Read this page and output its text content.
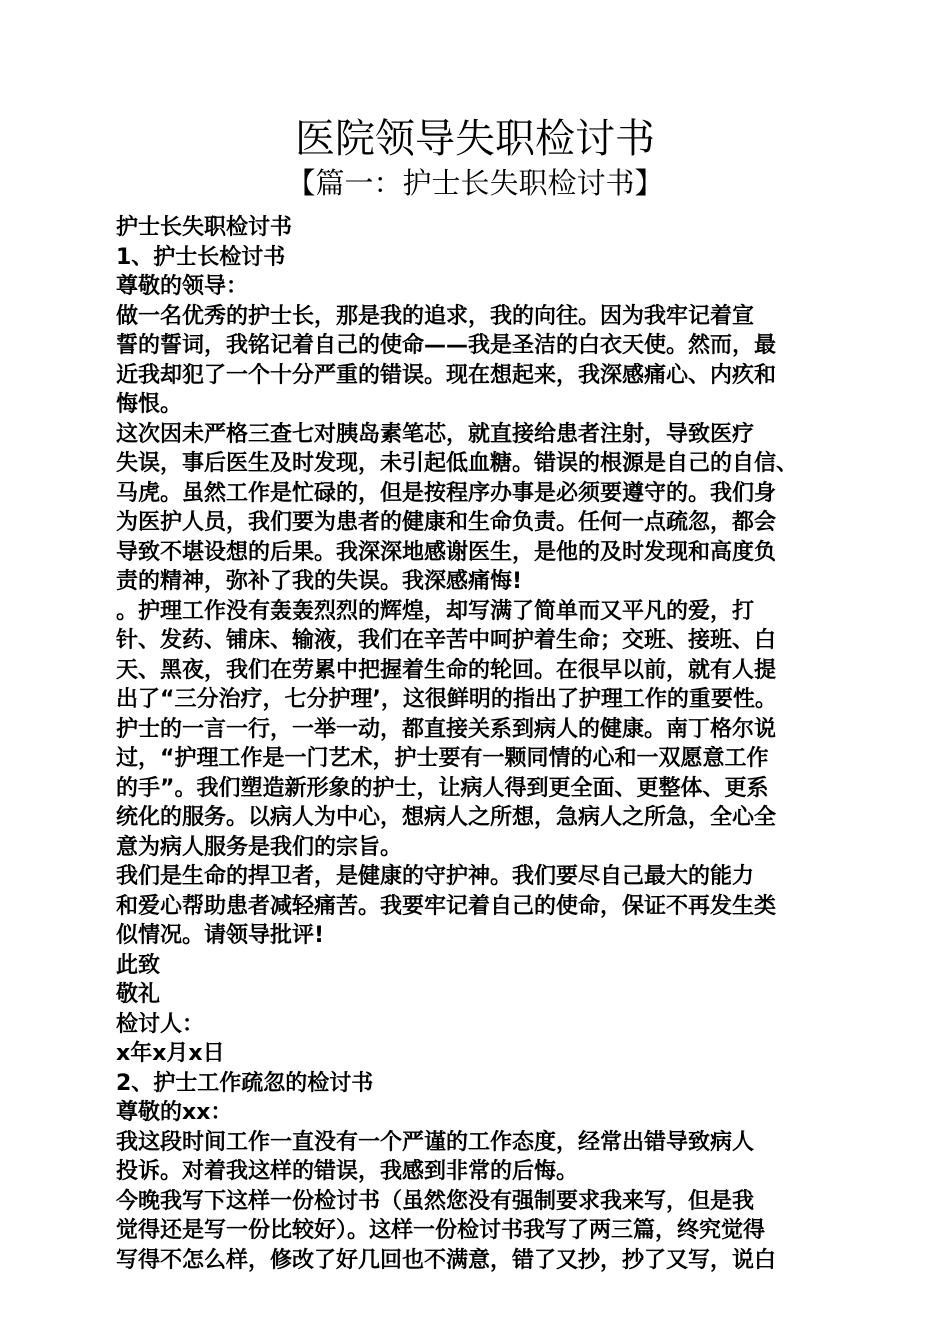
医院领导失职检讨书
【篇一：护士长失职检讨书】

护士长失职检讨书

1、护士长检讨书

尊敬的领导：

做一名优秀的护士长，那是我的追求，我的向往。因为我牢记着宣

誓的誓词，我铭记着自己的使命——我是圣洁的白衣天使。然而，最

近我却犯了一个十分严重的错误。现在想起来，我深感痛心、内疚和

悔恨。

这次因未严格三查七对胰岛素笔芯，就直接给患者注射，导致医疗

失误，事后医生及时发现，未引起低血糖。错误的根源是自己的自信、

马虎。虽然工作是忙碌的，但是按程序办事是必须要遵守的。我们身

为医护人员，我们要为患者的健康和生命负责。任何一点疏忽，都会

导致不堪设想的后果。我深深地感谢医生，是他的及时发现和高度负

责的精神，弥补了我的失误。我深感痛悔!

。护理工作没有轰轰烈烈的辉煌，却写满了简单而又平凡的爱，打

针、发药、铺床、输液，我们在辛苦中呵护着生命；交班、接班、白

天、黑夜，我们在劳累中把握着生命的轮回。在很早以前，就有人提

出了“三分治疗，七分护理’，这很鲜明的指出了护理工作的重要性。

护士的一言一行，一举一动，都直接关系到病人的健康。南丁格尔说

过，“护理工作是一门艺术，护士要有一颗同情的心和一双愿意工作

的手”。我们塑造新形象的护士，让病人得到更全面、更整体、更系

统化的服务。以病人为中心，想病人之所想，急病人之所急，全心全

意为病人服务是我们的宗旨。

我们是生命的捍卫者，是健康的守护神。我们要尽自己最大的能力

和爱心帮助患者减轻痛苦。我要牢记着自己的使命，保证不再发生类

似情况。请领导批评!

此致

敬礼

检讨人：

x年x月x日

2、护士工作疏忽的检讨书

尊敬的xx：

我这段时间工作一直没有一个严谨的工作态度，经常出错导致病人

投诉。对着我这样的错误，我感到非常的后悔。

今晚我写下这样一份检讨书（虽然您没有强制要求我来写，但是我

觉得还是写一份比较好）。这样一份检讨书我写了两三篇，终究觉得

写得不怎么样，修改了好几回也不满意，错了又抄，抄了又写，说白
